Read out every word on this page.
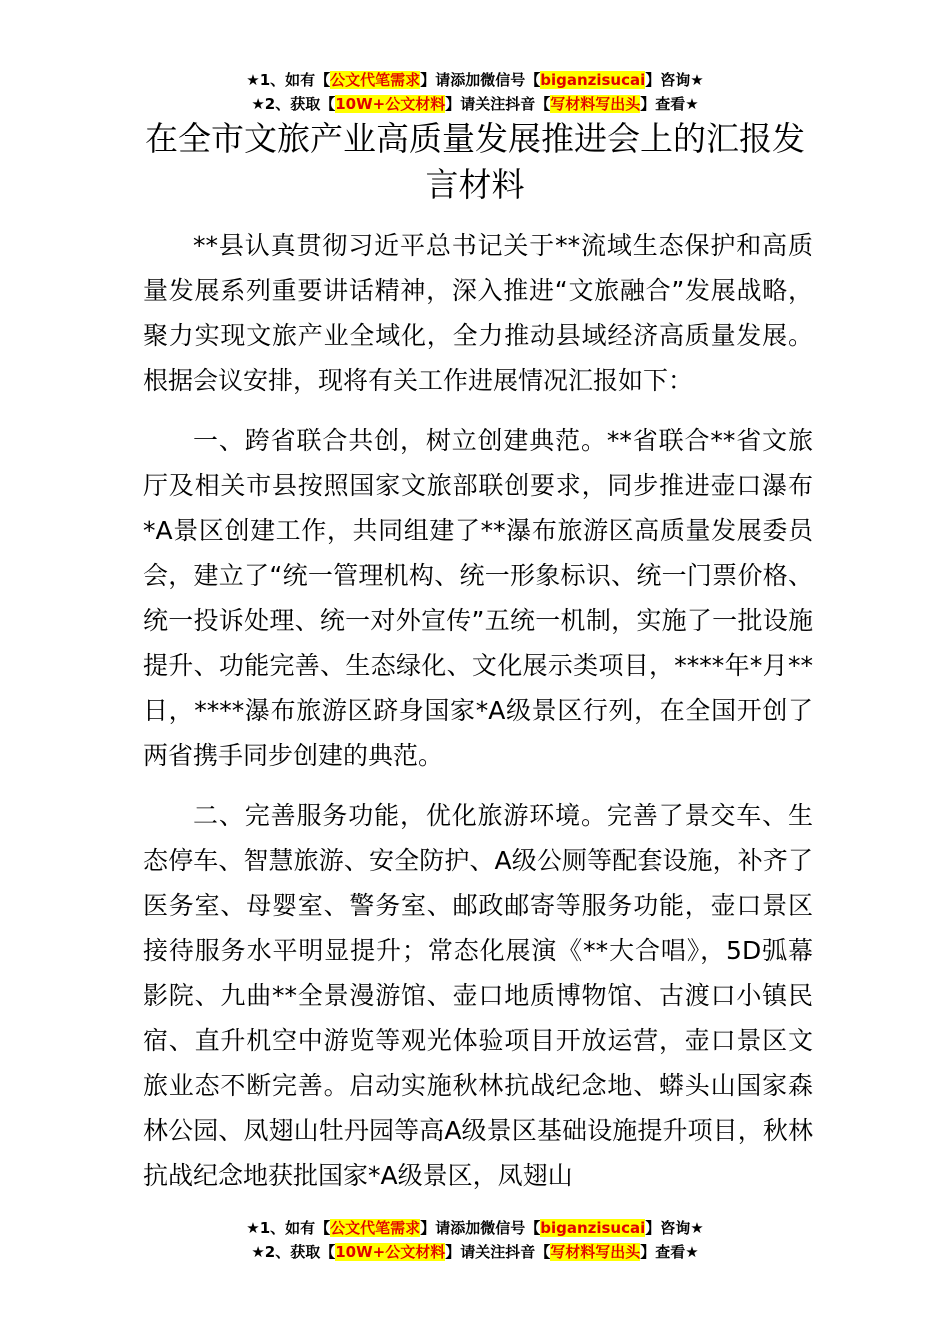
★1、如有【公文代笔需求】请添加微信号【biganzisucai】咨询★
★2、获取【10W+公文材料】请关注抖音【写材料写出头】查看★
在全市文旅产业高质量发展推进会上的汇报发言材料

**县认真贯彻习近平总书记关于**流域生态保护和高质量发展系列重要讲话精神，深入推进“文旅融合”发展战略，聚力实现文旅产业全域化，全力推动县域经济高质量发展。根据会议安排，现将有关工作进展情况汇报如下：

一、跨省联合共创，树立创建典范。**省联合**省文旅厅及相关市县按照国家文旅部联创要求，同步推进壶口瀑布*A景区创建工作，共同组建了**瀑布旅游区高质量发展委员会，建立了“统一管理机构、统一形象标识、统一门票价格、统一投诉处理、统一对外宣传”五统一机制，实施了一批设施提升、功能完善、生态绿化、文化展示类项目，****年*月**日，****瀑布旅游区跻身国家*A级景区行列，在全国开创了两省携手同步创建的典范。

二、完善服务功能，优化旅游环境。完善了景交车、生态停车、智慧旅游、安全防护、A级公厕等配套设施，补齐了医务室、母婴室、警务室、邮政邮寄等服务功能，壶口景区接待服务水平明显提升；常态化展演《**大合唱》，5D弧幕影院、九曲**全景漫游馆、壶口地质博物馆、古渡口小镇民宿、直升机空中游览等观光体验项目开放运营，壶口景区文旅业态不断完善。启动实施秋林抗战纪念地、蟒头山国家森林公园、凤翅山牡丹园等高A级景区基础设施提升项目，秋林抗战纪念地获批国家*A级景区，凤翅山

★1、如有【公文代笔需求】请添加微信号【biganzisucai】咨询★
★2、获取【10W+公文材料】请关注抖音【写材料写出头】查看★
